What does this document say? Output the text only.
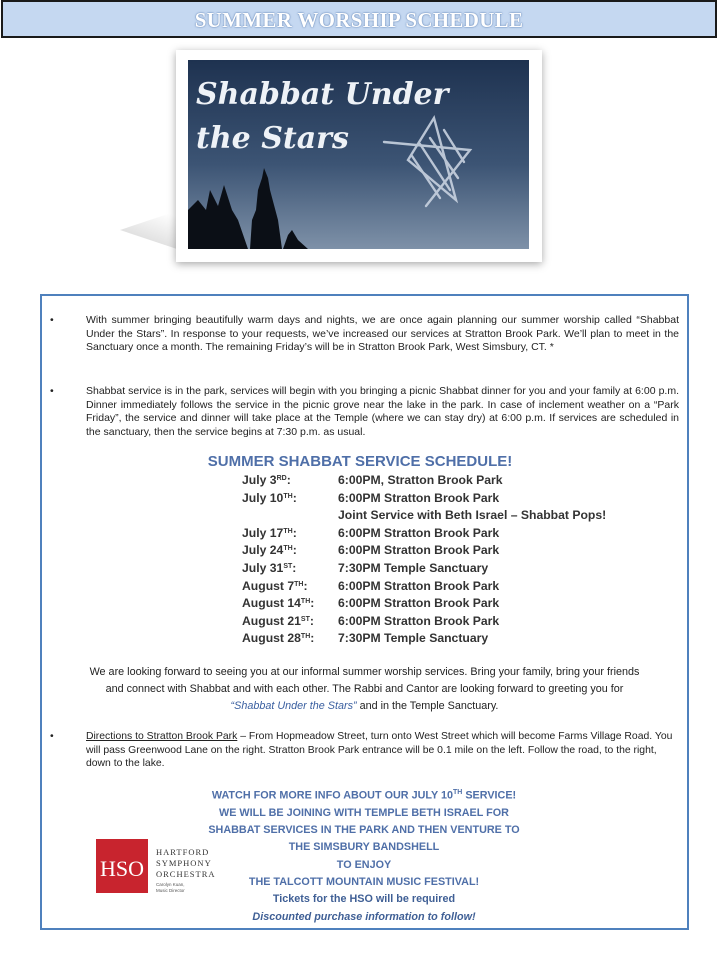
SUMMER WORSHIP SCHEDULE
Shabbat Under
the Stars
•	With summer bringing beautifully warm days and nights, we are once again planning our summer worship called “Shabbat Under the Stars”. In response to your requests, we’ve increased our services at Stratton Brook Park. We’ll plan to meet in the Sanctuary once a month. The remaining Friday’s will be in Stratton Brook Park, West Simsbury, CT. *
•	Shabbat service is in the park, services will begin with you bringing a picnic Shabbat dinner for you and your family at 6:00 p.m. Dinner immediately follows the service in the picnic grove near the lake in the park. In case of inclement weather on a “Park Friday”, the service and dinner will take place at the Temple (where we can stay dry) at 6:00 p.m. If services are scheduled in the sanctuary, then the service begins at 7:30 p.m. as usual.
SUMMER SHABBAT SERVICE SCHEDULE!
July 3RD:	6:00PM, Stratton Brook Park
July 10TH:	6:00PM Stratton Brook Park
Joint Service with Beth Israel – Shabbat Pops!
July 17TH:	6:00PM Stratton Brook Park
July 24TH:	6:00PM Stratton Brook Park
July 31ST:	7:30PM Temple Sanctuary
August 7TH: 6:00PM Stratton Brook Park
August 14TH: 6:00PM Stratton Brook Park
August 21ST: 6:00PM Stratton Brook Park
August 28TH: 7:30PM Temple Sanctuary
We are looking forward to seeing you at our informal summer worship services. Bring your family, bring your friends
and connect with Shabbat and with each other. The Rabbi and Cantor are looking forward to greeting you for
“Shabbat Under the Stars” and in the Temple Sanctuary.
•	Directions to Stratton Brook Park – From Hopmeadow Street, turn onto West Street which will become Farms Village Road. You will pass Greenwood Lane on the right. Stratton Brook Park entrance will be 0.1 mile on the left. Follow the road, to the right, down to the lake.
WATCH FOR MORE INFO ABOUT OUR JULY 10TH SERVICE!
WE WILL BE JOINING WITH TEMPLE BETH ISRAEL FOR
SHABBAT SERVICES IN THE PARK AND THEN VENTURE TO
THE SIMSBURY BANDSHELL
TO ENJOY
THE TALCOTT MOUNTAIN MUSIC FESTIVAL!
Tickets for the HSO will be required
Discounted purchase information to follow!
HSO
HARTFORD
SYMPHONY
ORCHESTRA
Carolyn Kuan,
Music Director
